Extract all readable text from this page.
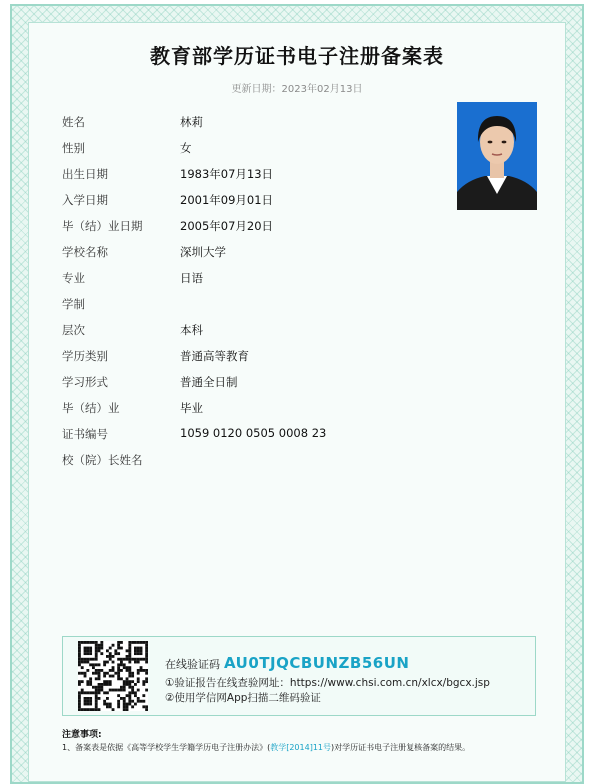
教育部学历证书电子注册备案表
更新日期：2023年02月13日
姓名	林莉
性别	女
出生日期	1983年07月13日
入学日期	2001年09月01日
毕（结）业日期	2005年07月20日
学校名称	深圳大学
专业	日语
学制
层次	本科
学历类别	普通高等教育
学习形式	普通全日制
毕（结）业	毕业
证书编号	1059 0120 0505 0008 23
校（院）长姓名
在线验证码 AU0TJQCBUNZB56UN
①验证报告在线查验网址：https://www.chsi.com.cn/xlcx/bgcx.jsp
②使用学信网App扫描二维码验证
注意事项:
1、备案表是依据《高等学校学生学籍学历电子注册办法》(教学[2014]11号)对学历证书电子注册复核备案的结果。
